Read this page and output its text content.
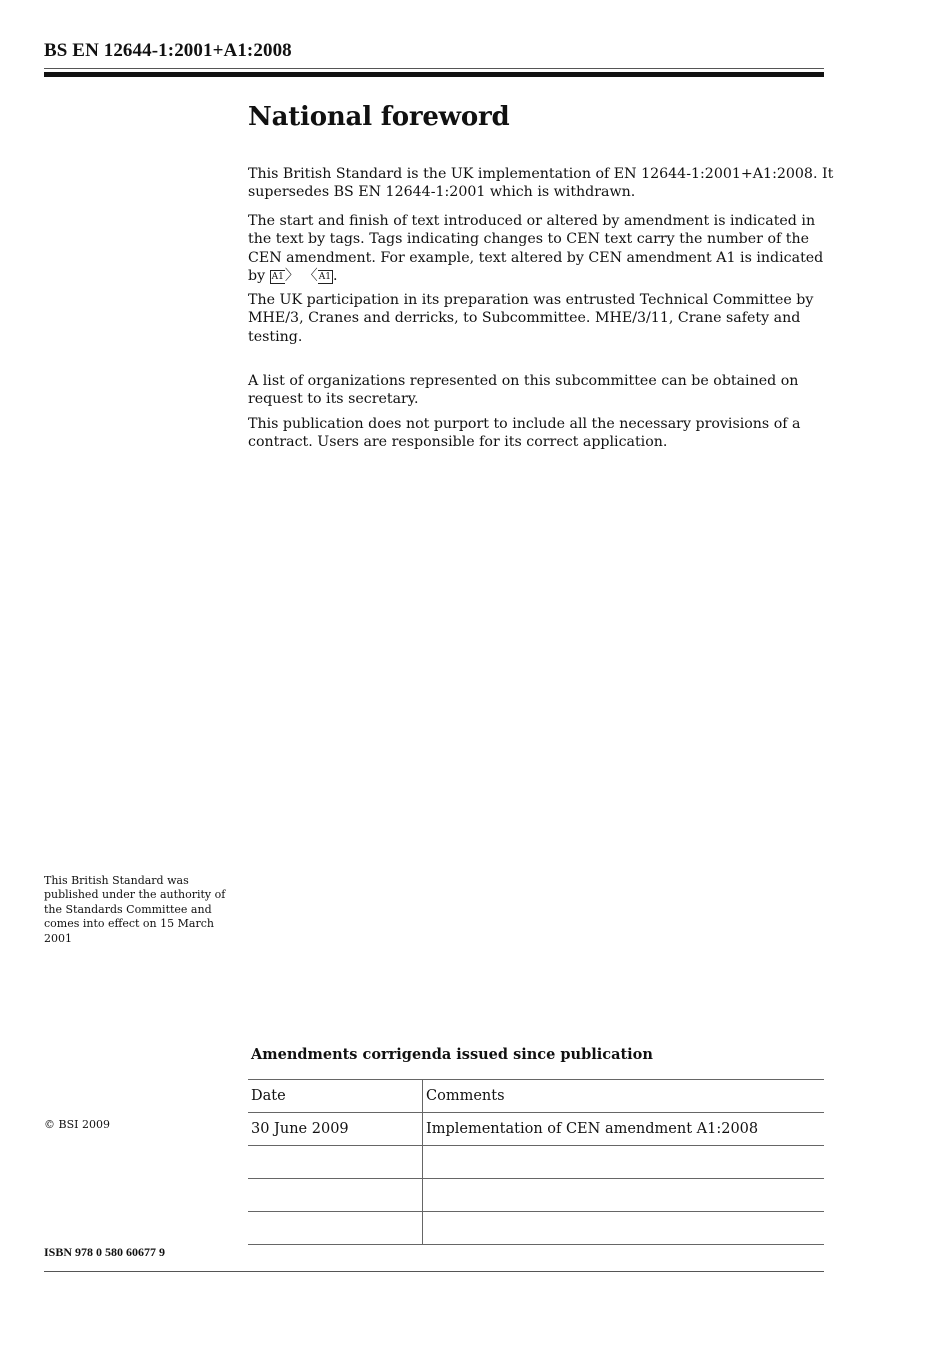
BS EN 12644-1:2001+A1:2008
National foreword

This British Standard is the UK implementation of EN 12644-1:2001+A1:2008. It supersedes BS EN 12644-1:2001 which is withdrawn.

The start and finish of text introduced or altered by amendment is indicated in the text by tags. Tags indicating changes to CEN text carry the number of the CEN amendment. For example, text altered by CEN amendment A1 is indicated by A1〉 〈A1 .

The UK participation in its preparation was entrusted Technical Committee by MHE/3, Cranes and derricks, to Subcommittee. MHE/3/11, Crane safety and testing.

A list of organizations represented on this subcommittee can be obtained on request to its secretary.

This publication does not purport to include all the necessary provisions of a contract. Users are responsible for its correct application.

This British Standard was published under the authority of the Standards Committee and comes into effect on 15 March 2001
© BSI 2009
Amendments corrigenda issued since publication
Date	Comments
30 June 2009	Implementation of CEN amendment A1:2008

ISBN 978 0 580 60677 9
